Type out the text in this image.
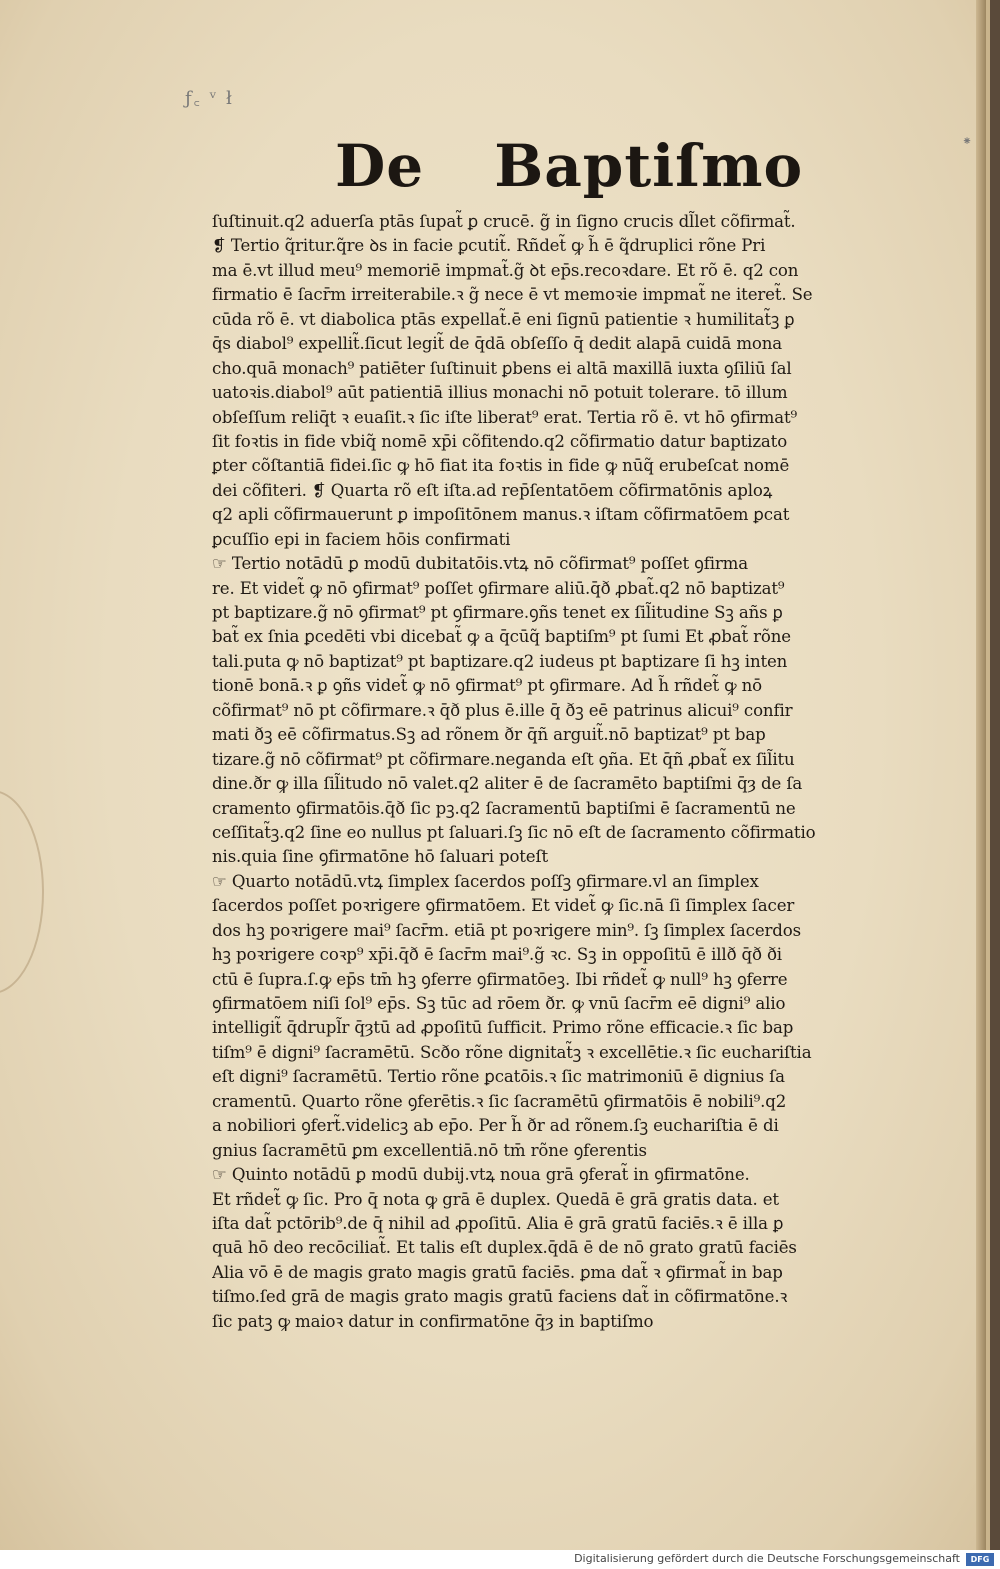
ƒ꜀ ᵛ ł
⁕
De Baptiſmo
ſuſtinuit.q2 aduerſa ptās ſupat̃ ꝑ crucē. g̃ in ſigno crucis dl̃let cõfirmat̃.
❡ Tertio q̃ritur.q̃re ꝺs in facie ꝑcutit̃. Rñdet̃ ꝙ h̃ ē q̃druplici rõne Pri
ma ē.vt illud meu⁹ memoriē impmat̃.g̃ ꝺt ep̄s.recoꝛdare. Et rõ ē. q2 con
firmatio ē ſacr̄m irreiterabile.ꝛ g̃ nece ē vt memoꝛie impmat̃ ne iteret̃. Se
cūda rõ ē. vt diabolica ptās expellat̃.ē eni ſignū patientie ꝛ humilitat̃ꝫ ꝑ
q̄s diabol⁹ expellit̃.ſicut legit̃ de q̄dā obſeſſo q̄ dedit alapā cuidā mona
cho.quā monach⁹ patiēter ſuſtinuit ꝑbens ei altā maxillā iuxta ꝯſiliū ſal
uatoꝛis.diabol⁹ aūt patientiā illius monachi nō potuit tolerare. tō illum
obſeſſum reliq̄t ꝛ euaſit.ꝛ ſic iſte liberat⁹ erat. Tertia rõ ē. vt hō ꝯfirmat⁹
ſit foꝛtis in fide vbiq̃ nomē xp̄i cõfitendo.q2 cõfirmatio datur baptizato
ꝑter cõſtantiā fidei.ſic ꝙ hō fiat ita foꝛtis in fide ꝙ nūq̃ erubeſcat nomē
dei cõfiteri. ❡ Quarta rõ eſt iſta.ad rep̄ſentatōem cõfirmatōnis aploꝝ
q2 apli cõfirmauerunt ꝑ impoſitōnem manus.ꝛ iſtam cõfirmatōem ꝑcat
ꝑcuſſio epi in faciem hōis confirmati
☞ Tertio notādū ꝑ modū dubitatōis.vtꝝ nō cõfirmat⁹ poſſet ꝯfirma
re. Et videt̃ ꝙ nō ꝯfirmat⁹ poſſet ꝯfirmare aliū.q̄ð ꝓbat̃.q2 nō baptizat⁹
pt baptizare.g̃ nō ꝯfirmat⁹ pt ꝯfirmare.ꝯñs tenet ex ſil̃itudine Sꝫ añs ꝑ
bat̃ ex ſnia ꝑcedēti vbi dicebat̃ ꝙ a q̄cūq̃ baptiſm⁹ pt ſumi Et ꝓbat̃ rõne
tali.puta ꝙ nō baptizat⁹ pt baptizare.q2 iudeus pt baptizare ſi hꝫ inten
tionē bonā.ꝛ ꝑ ꝯñs videt̃ ꝙ nō ꝯfirmat⁹ pt ꝯfirmare. Ad h̃ rñdet̃ ꝙ nō
cõfirmat⁹ nō pt cõfirmare.ꝛ q̄ð plus ē.ille q̄ ðꝫ eē patrinus alicui⁹ confir
mati ðꝫ eē cõfirmatus.Sꝫ ad rõnem ðr q̄ñ arguit̃.nō baptizat⁹ pt bap
tizare.g̃ nō cõfirmat⁹ pt cõfirmare.neganda eſt ꝯña. Et q̄ñ ꝓbat̃ ex ſil̃itu
dine.ðr ꝙ illa ſil̃itudo nō valet.q2 aliter ē de ſacramēto baptiſmi q̄ȝ de ſa
cramento ꝯfirmatōis.q̄ð ſic pꝫ.q2 ſacramentū baptiſmi ē ſacramentū ne
ceſſitat̃ꝫ.q2 ſine eo nullus pt ſaluari.ſꝫ ſic nō eſt de ſacramento cõfirmatio
nis.quia ſine ꝯfirmatōne hō ſaluari poteſt
☞ Quarto notādū.vtꝝ ſimplex ſacerdos poſſꝫ ꝯfirmare.vl an ſimplex
ſacerdos poſſet poꝛrigere ꝯfirmatōem. Et videt̃ ꝙ ſic.nā ſi ſimplex ſacer
dos hꝫ poꝛrigere mai⁹ ſacr̄m. etiā pt poꝛrigere min⁹. ſꝫ ſimplex ſacerdos
hꝫ poꝛrigere coꝛp⁹ xp̄i.q̄ð ē ſacr̄m mai⁹.g̃ ꝛc. Sꝫ in oppoſitū ē illð q̄ð ði
ctū ē ſupra.ſ.ꝙ ep̄s tm̄ hꝫ ꝯferre ꝯfirmatōeꝫ. Ibi rñdet̃ ꝙ null⁹ hꝫ ꝯferre
ꝯfirmatōem niſi ſol⁹ ep̄s. Sꝫ tūc ad rōem ðr. ꝙ vnū ſacr̄m eē digni⁹ alio
intelligit̃ q̄drupl̃r q̄ȝtū ad ꝓpoſitū ſufficit. Primo rõne efficacie.ꝛ ſic bap
tiſm⁹ ē digni⁹ ſacramētū. Scðo rõne dignitat̃ꝫ ꝛ excellētie.ꝛ ſic euchariſtia
eſt digni⁹ ſacramētū. Tertio rõne ꝑcatōis.ꝛ ſic matrimoniū ē dignius ſa
cramentū. Quarto rõne ꝯferētis.ꝛ ſic ſacramētū ꝯfirmatōis ē nobili⁹.q2
a nobiliori ꝯfert̃.videlicꝫ ab ep̄o. Per h̃ ðr ad rõnem.ſꝫ euchariſtia ē di
gnius ſacramētū ꝑm excellentiā.nō tm̄ rõne ꝯferentis
☞ Quinto notādū ꝑ modū dubij.vtꝝ noua grā ꝯferat̃ in ꝯfirmatōne.
Et rñdet̃ ꝙ ſic. Pro q̄ nota ꝙ grā ē duplex. Quedā ē grā gratis data. et
iſta dat̃ pctōrib⁹.de q̄ nihil ad ꝓpoſitū. Alia ē grā gratū faciēs.ꝛ ē illa ꝑ
quā hō deo recōciliat̃. Et talis eſt duplex.q̄dā ē de nō grato gratū faciēs
Alia vō ē de magis grato magis gratū faciēs. ꝑma dat̃ ꝛ ꝯfirmat̃ in bap
tiſmo.ſed grā de magis grato magis gratū faciens dat̃ in cõfirmatōne.ꝛ
ſic patꝫ ꝙ maioꝛ datur in confirmatōne q̄ȝ in baptiſmo
Digitalisierung gefördert durch die Deutsche Forschungsgemeinschaft	DFG
